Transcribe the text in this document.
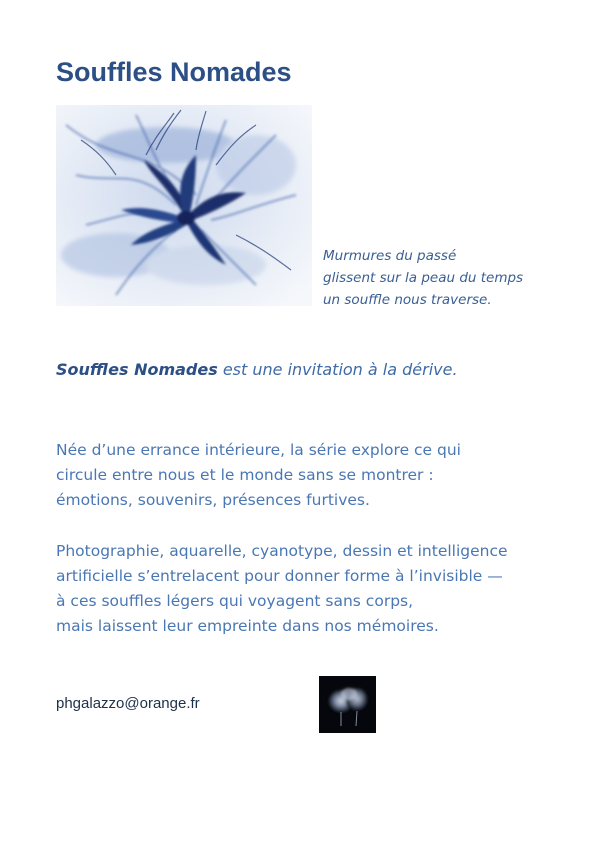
Souffles Nomades
Murmures du passé
glissent sur la peau du temps
un souffle nous traverse.
Souffles Nomades est une invitation à la dérive.
Née d’une errance intérieure, la série explore ce qui
circule entre nous et le monde sans se montrer :
émotions, souvenirs, présences furtives.
Photographie, aquarelle, cyanotype, dessin et intelligence
artificielle s’entrelacent pour donner forme à l’invisible —
à ces souffles légers qui voyagent sans corps,
mais laissent leur empreinte dans nos mémoires.
phgalazzo@orange.fr
